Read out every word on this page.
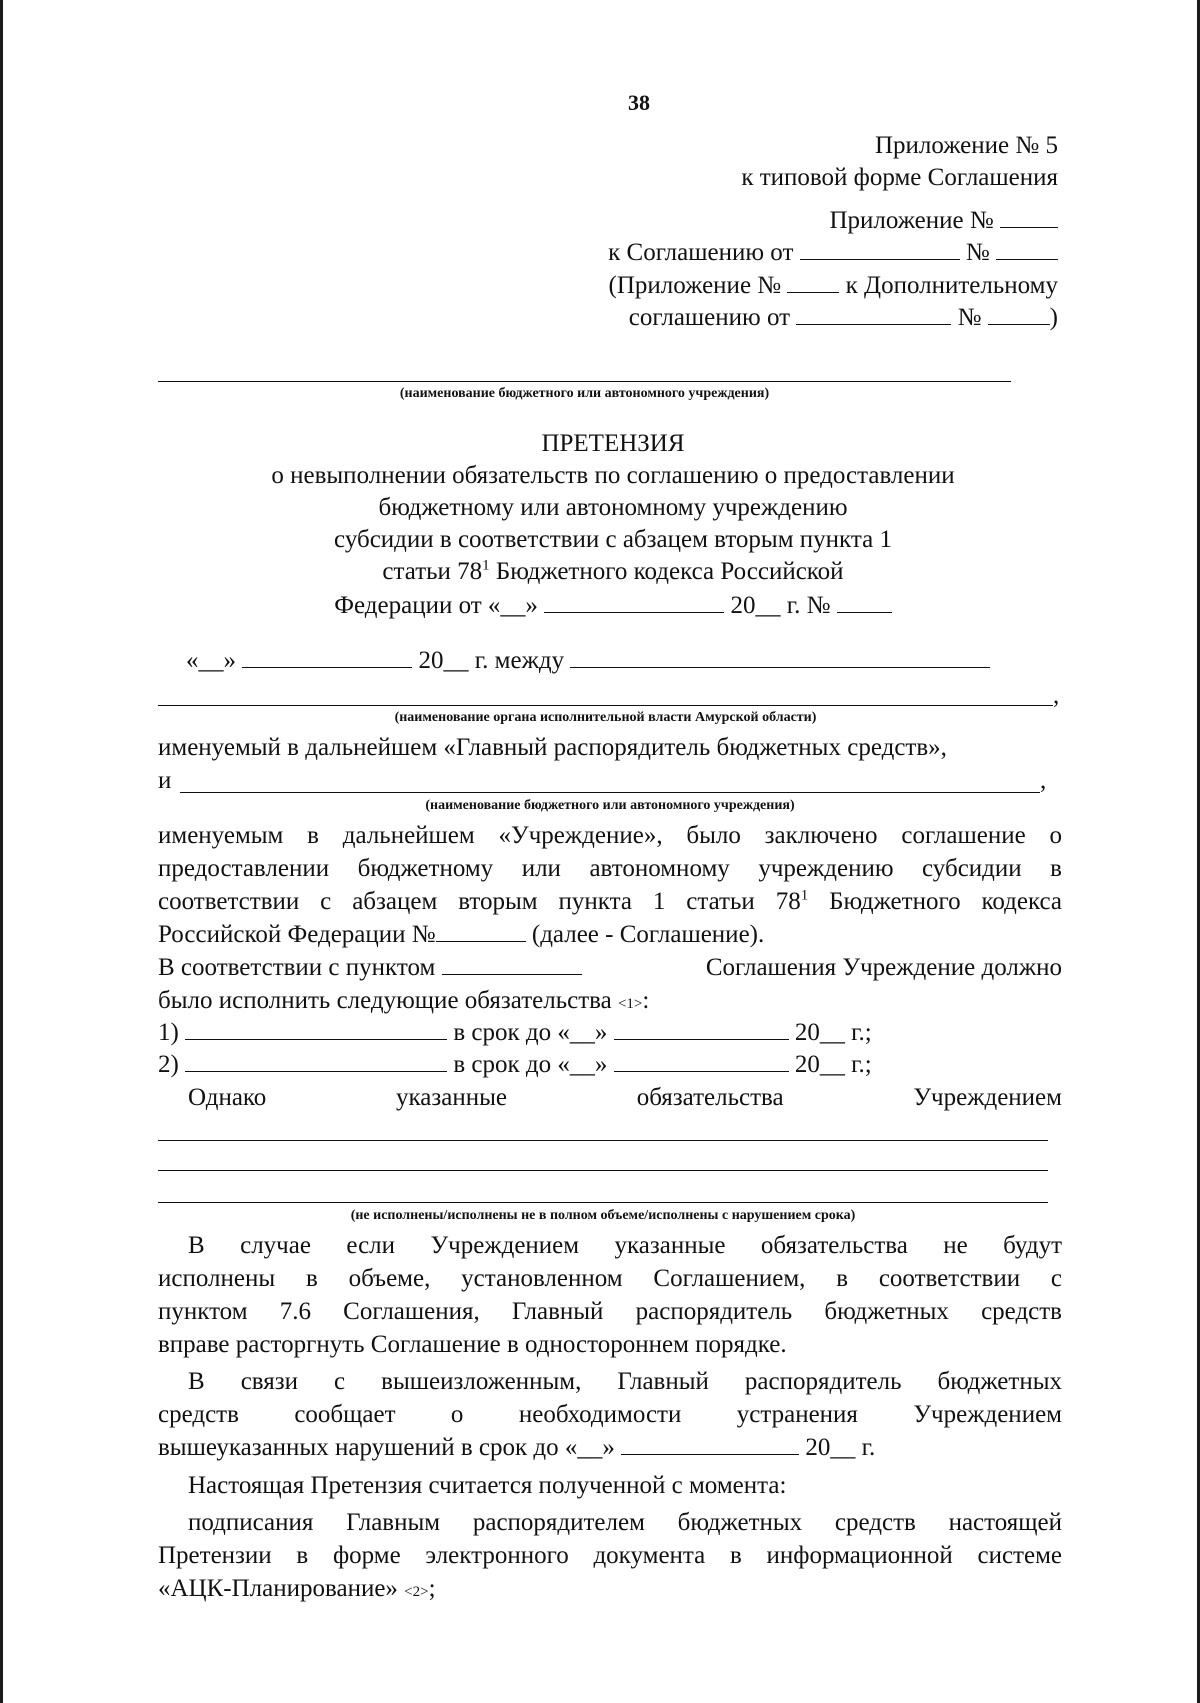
38
Приложение № 5
к типовой форме Соглашения
Приложение №
к Соглашению от	№
(Приложение №	к Дополнительному
соглашению от	№	)
(наименование бюджетного или автономного учреждения)
ПРЕТЕНЗИЯ
о невыполнении обязательств по соглашению о предоставлении
бюджетному или автономному учреждению
субсидии в соответствии с абзацем вторым пункта 1
статьи $78^1$ Бюджетного кодекса Российской
Федерации от «__»	20__ г. №
«__»	20__ г. между
,
(наименование органа исполнительной власти Амурской области)
именуемый в дальнейшем «Главный распорядитель бюджетных средств»,
и	,
(наименование бюджетного или автономного учреждения)
именуемым в дальнейшем «Учреждение», было заключено соглашение о
предоставлении бюджетному или автономному учреждению субсидии в
соответствии с абзацем вторым пункта 1 статьи $78^1$ Бюджетного кодекса
Российской Федерации №	(далее - Соглашение).
В соответствии с пунктом	Соглашения Учреждение должно
было исполнить следующие обязательства <1>:
1)	в срок до «__»	20__ г.;
2)	в срок до «__»	20__ г.;
Однако	указанные	обязательства	Учреждением
(не исполнены/исполнены не в полном объеме/исполнены с нарушением срока)
В случае если Учреждением указанные обязательства не будут
исполнены в объеме, установленном Соглашением, в соответствии с
пунктом 7.6 Соглашения, Главный распорядитель бюджетных средств
вправе расторгнуть Соглашение в одностороннем порядке.
В связи с вышеизложенным, Главный распорядитель бюджетных
средств сообщает о необходимости устранения Учреждением
вышеуказанных нарушений в срок до «__»	20__ г.
Настоящая Претензия считается полученной с момента:
подписания Главным распорядителем бюджетных средств настоящей
Претензии в форме электронного документа в информационной системе
«АЦК-Планирование» <2>;
